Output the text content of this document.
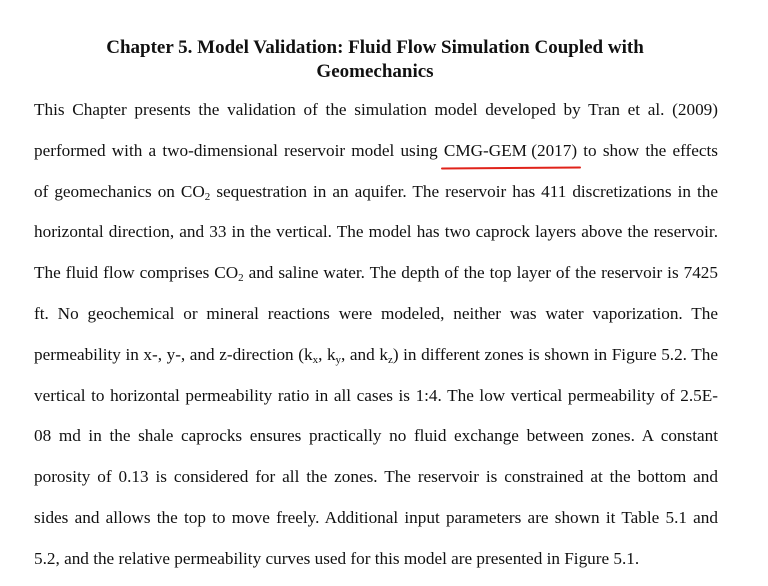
Chapter 5. Model Validation: Fluid Flow Simulation Coupled with
Geomechanics
This Chapter presents the validation of the simulation model developed by Tran et al. (2009)
performed with a two-dimensional reservoir model using CMG-GEM (2017) to show the effects
of geomechanics on $CO_2$ sequestration in an aquifer. The reservoir has 411 discretizations in the
horizontal direction, and 33 in the vertical. The model has two caprock layers above the reservoir.
The fluid flow comprises $CO_2$ and saline water. The depth of the top layer of the reservoir is 7425
ft. No geochemical or mineral reactions were modeled, neither was water vaporization. The
permeability in x-, y-, and z-direction ($k_x$, $k_y$, and $k_z$) in different zones is shown in Figure 5.2. The
vertical to horizontal permeability ratio in all cases is 1:4. The low vertical permeability of 2.5E-
08 md in the shale caprocks ensures practically no fluid exchange between zones. A constant
porosity of 0.13 is considered for all the zones. The reservoir is constrained at the bottom and
sides and allows the top to move freely. Additional input parameters are shown it Table 5.1 and
5.2, and the relative permeability curves used for this model are presented in Figure 5.1.
